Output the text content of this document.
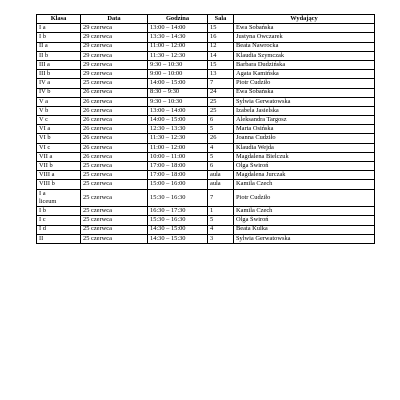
Klasa	Data	Godzina	Sala	Wydający
I a	29 czerwca	13:00 – 14:00	15	Ewa Sobańska
I b	29 czerwca	13:30 – 14:30	16	Justyna Owczarek
II a	29 czerwca	11:00 – 12:00	12	Beata Nawrocka
II b	29 czerwca	11:30 – 12:30	14	Klaudia Szymczak
III a	29 czerwca	9:30 – 10:30	15	Barbara Dudzińska
III b	29 czerwca	9:00 – 10:00	13	Agata Kamińska
IV a	25 czerwca	14:00 – 15:00	7	Piotr Cudziło
IV b	26 czerwca	8:30 – 9:30	24	Ewa Sobańska
V a	26 czerwca	9:30 – 10:30	25	Sylwia Gerwatowska
V b	26 czerwca	13:00 – 14:00	25	Izabela Jasielska
V c	26 czerwca	14:00 – 15:00	6	Aleksandra Targosz
VI a	26 czerwca	12:30 – 13:30	5	Marta Osińska
VI b	26 czerwca	11:30 – 12:30	26	Joanna Cudziło
VI c	26 czerwca	11:00 – 12:00	4	Klaudia Wejda
VII a	26 czerwca	10:00 – 11:00	5	Magdalena Bielczuk
VII b	25 czerwca	17:00 – 18:00	6	Olga Świroń
VIII a	25 czerwca	17:00 – 18:00	aula	Magdalena Jurczak
VIII b	25 czerwca	15:00 – 16:00	aula	Kamila Czech

I a
liceum	25 czerwca	15:30 – 16:30	7	Piotr Cudziło
I b	25 czerwca	16:30 – 17:30	1	Kamila Czech
I c	25 czerwca	15:30 – 16:30	5	Olga Świroń
I d	25 czerwca	14:30 – 15:00	4	Beata Kulka
II	25 czerwca	14:30 – 15:30	3	Sylwia Gerwatowska
